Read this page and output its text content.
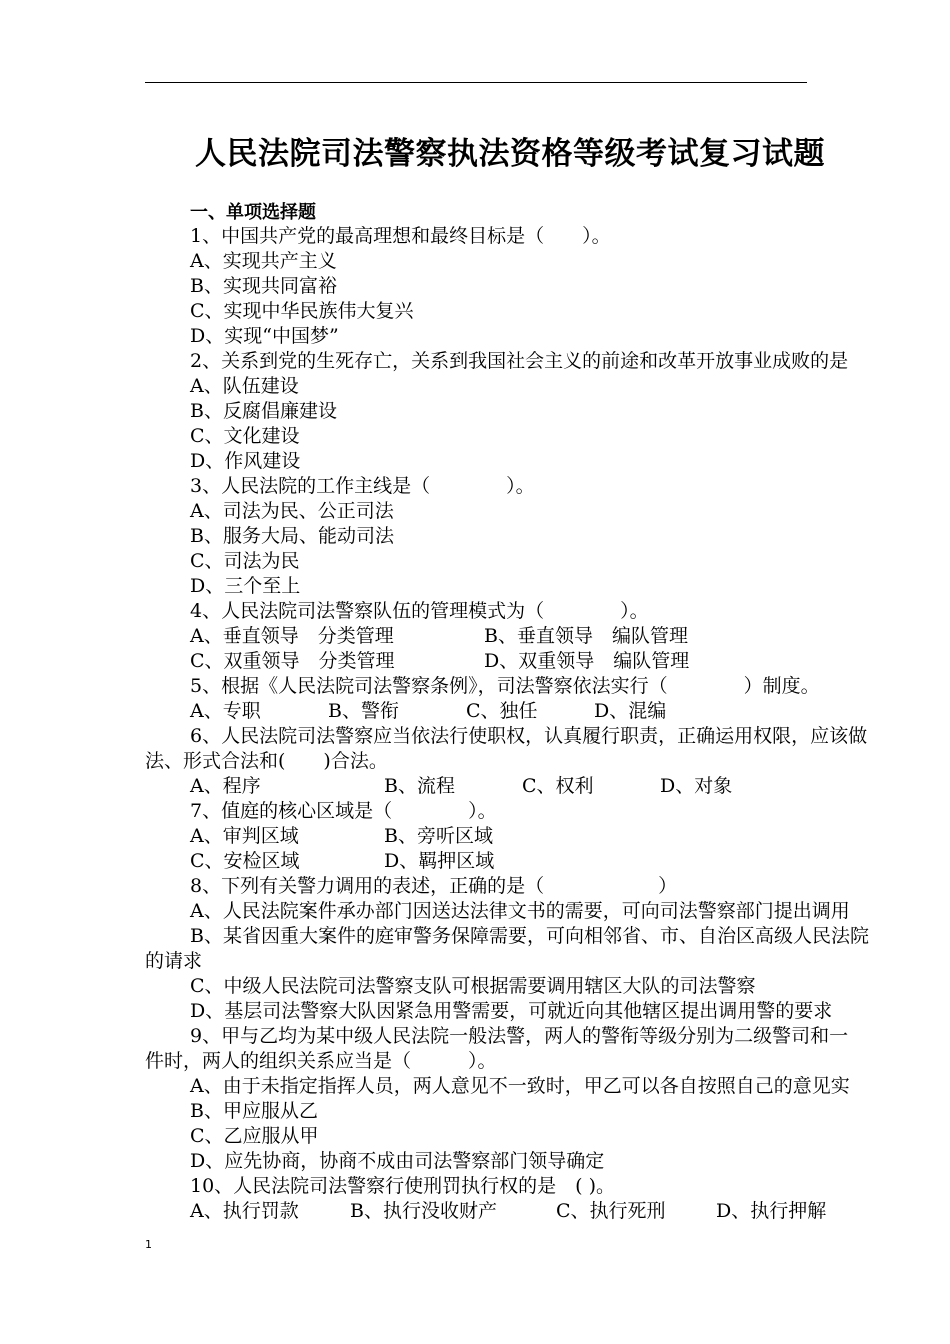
人民法院司法警察执法资格等级考试复习试题
一、单项选择题
1、中国共产党的最高理想和最终目标是（　　）。
A、实现共产主义
B、实现共同富裕
C、实现中华民族伟大复兴
D、实现“中国梦”
2、关系到党的生死存亡，关系到我国社会主义的前途和改革开放事业成败的是
A、队伍建设
B、反腐倡廉建设
C、文化建设
D、作风建设
3、人民法院的工作主线是（　　　　）。
A、司法为民、公正司法
B、服务大局、能动司法
C、司法为民
D、三个至上
4、人民法院司法警察队伍的管理模式为（　　　　）。
A、垂直领导　分类管理	B、垂直领导　编队管理
C、双重领导　分类管理	D、双重领导　编队管理
5、根据《人民法院司法警察条例》，司法警察依法实行（　　　　）制度。
A、专职	B、警衔	C、独任	D、混编
6、人民法院司法警察应当依法行使职权，认真履行职责，正确运用权限，应该做
法、形式合法和(　　)合法。
A、程序	B、流程	C、权利	D、对象
7、值庭的核心区域是（　　　　）。
A、审判区域	B、旁听区域
C、安检区域	D、羁押区域
8、下列有关警力调用的表述，正确的是（　　　　　　）
A、人民法院案件承办部门因送达法律文书的需要，可向司法警察部门提出调用
B、某省因重大案件的庭审警务保障需要，可向相邻省、市、自治区高级人民法院
的请求
C、中级人民法院司法警察支队可根据需要调用辖区大队的司法警察
D、基层司法警察大队因紧急用警需要，可就近向其他辖区提出调用警的要求
9、甲与乙均为某中级人民法院一般法警，两人的警衔等级分别为二级警司和一
件时，两人的组织关系应当是（　　　）。
A、由于未指定指挥人员，两人意见不一致时，甲乙可以各自按照自己的意见实
B、甲应服从乙
C、乙应服从甲
D、应先协商，协商不成由司法警察部门领导确定
10、人民法院司法警察行使刑罚执行权的是　( )。
A、执行罚款	B、执行没收财产	C、执行死刑	D、执行押解
1
